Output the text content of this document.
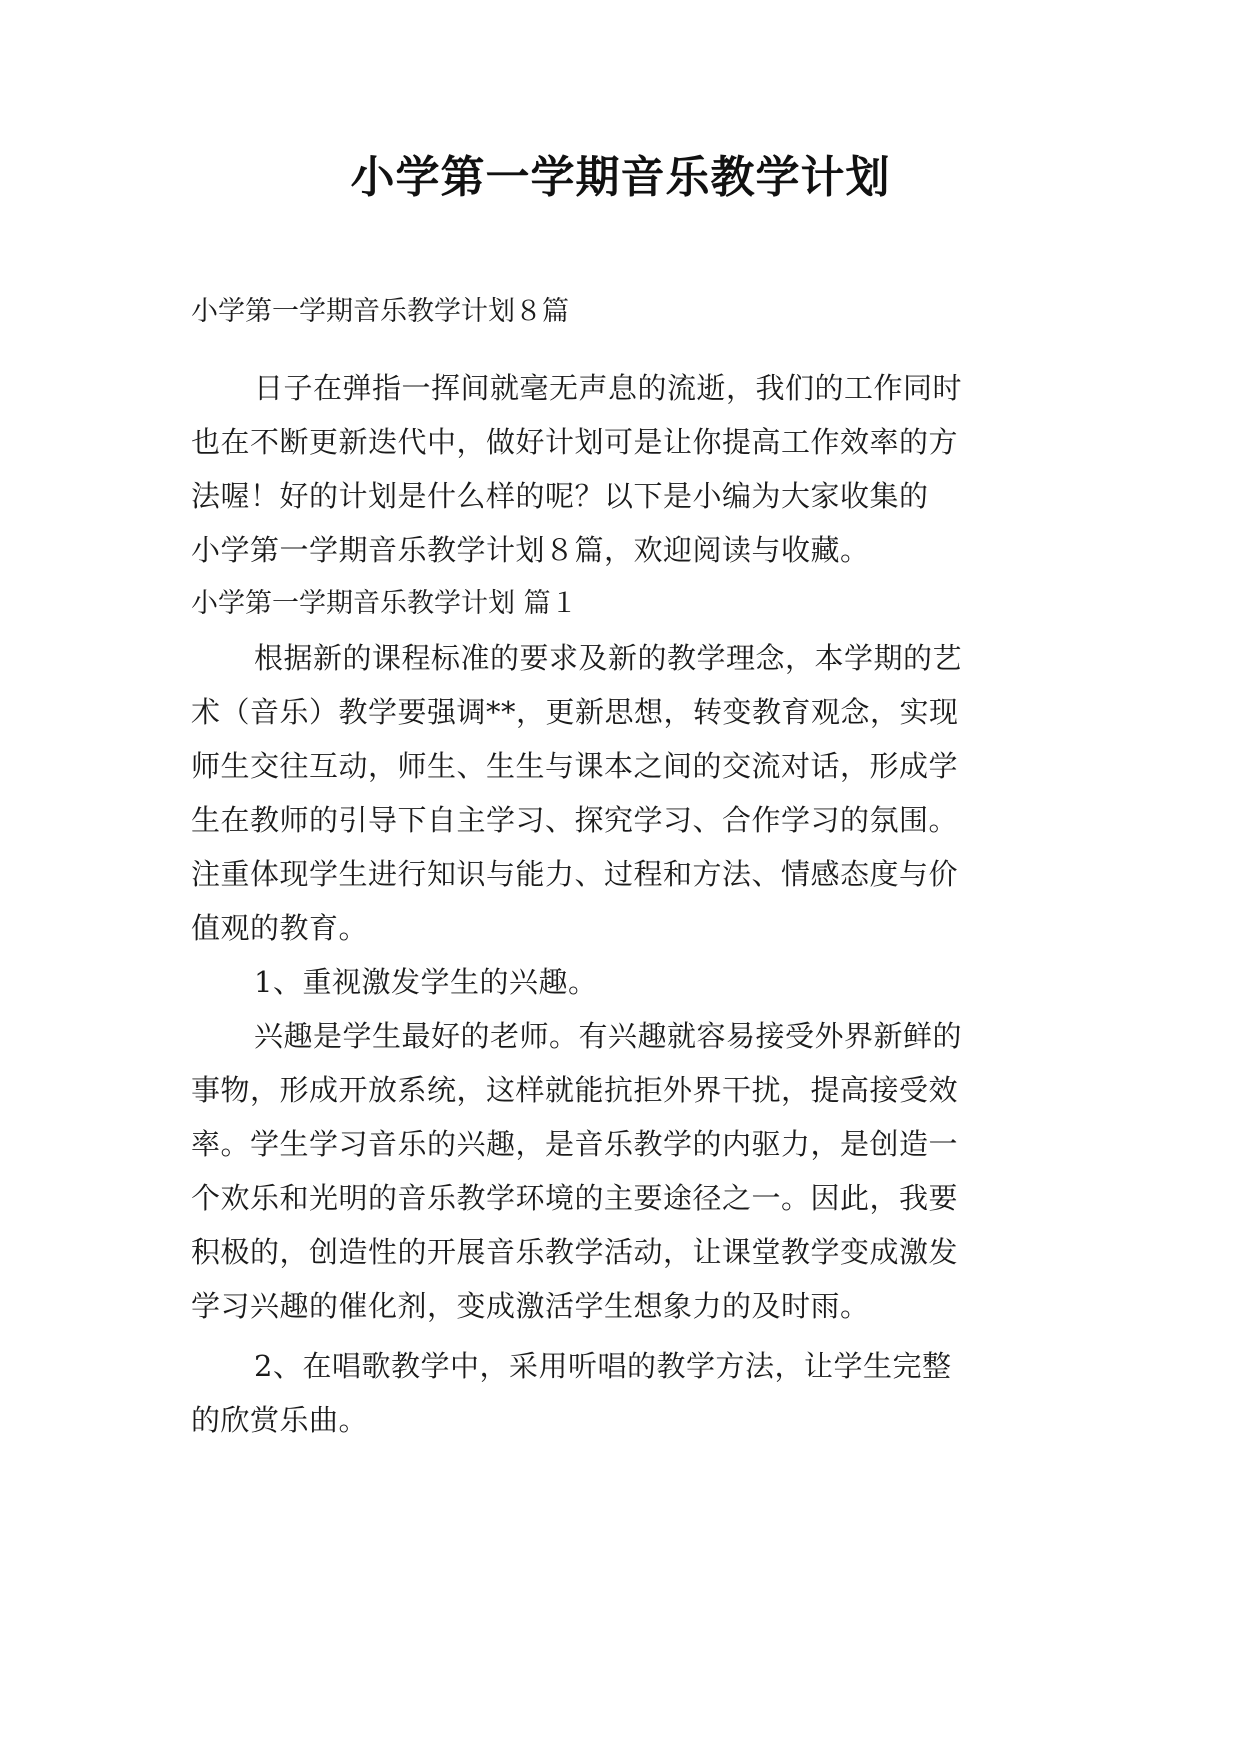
小学第一学期音乐教学计划
小学第一学期音乐教学计划８篇
日子在弹指一挥间就毫无声息的流逝，我们的工作同时
也在不断更新迭代中，做好计划可是让你提高工作效率的方
法喔！好的计划是什么样的呢？以下是小编为大家收集的
小学第一学期音乐教学计划８篇，欢迎阅读与收藏。
小学第一学期音乐教学计划 篇１
根据新的课程标准的要求及新的教学理念，本学期的艺
术（音乐）教学要强调**，更新思想，转变教育观念，实现
师生交往互动，师生、生生与课本之间的交流对话，形成学
生在教师的引导下自主学习、探究学习、合作学习的氛围。
注重体现学生进行知识与能力、过程和方法、情感态度与价
值观的教育。
1、重视激发学生的兴趣。
兴趣是学生最好的老师。有兴趣就容易接受外界新鲜的
事物，形成开放系统，这样就能抗拒外界干扰，提高接受效
率。学生学习音乐的兴趣，是音乐教学的内驱力，是创造一
个欢乐和光明的音乐教学环境的主要途径之一。因此，我要
积极的，创造性的开展音乐教学活动，让课堂教学变成激发
学习兴趣的催化剂，变成激活学生想象力的及时雨。
2、在唱歌教学中，采用听唱的教学方法，让学生完整
的欣赏乐曲。
